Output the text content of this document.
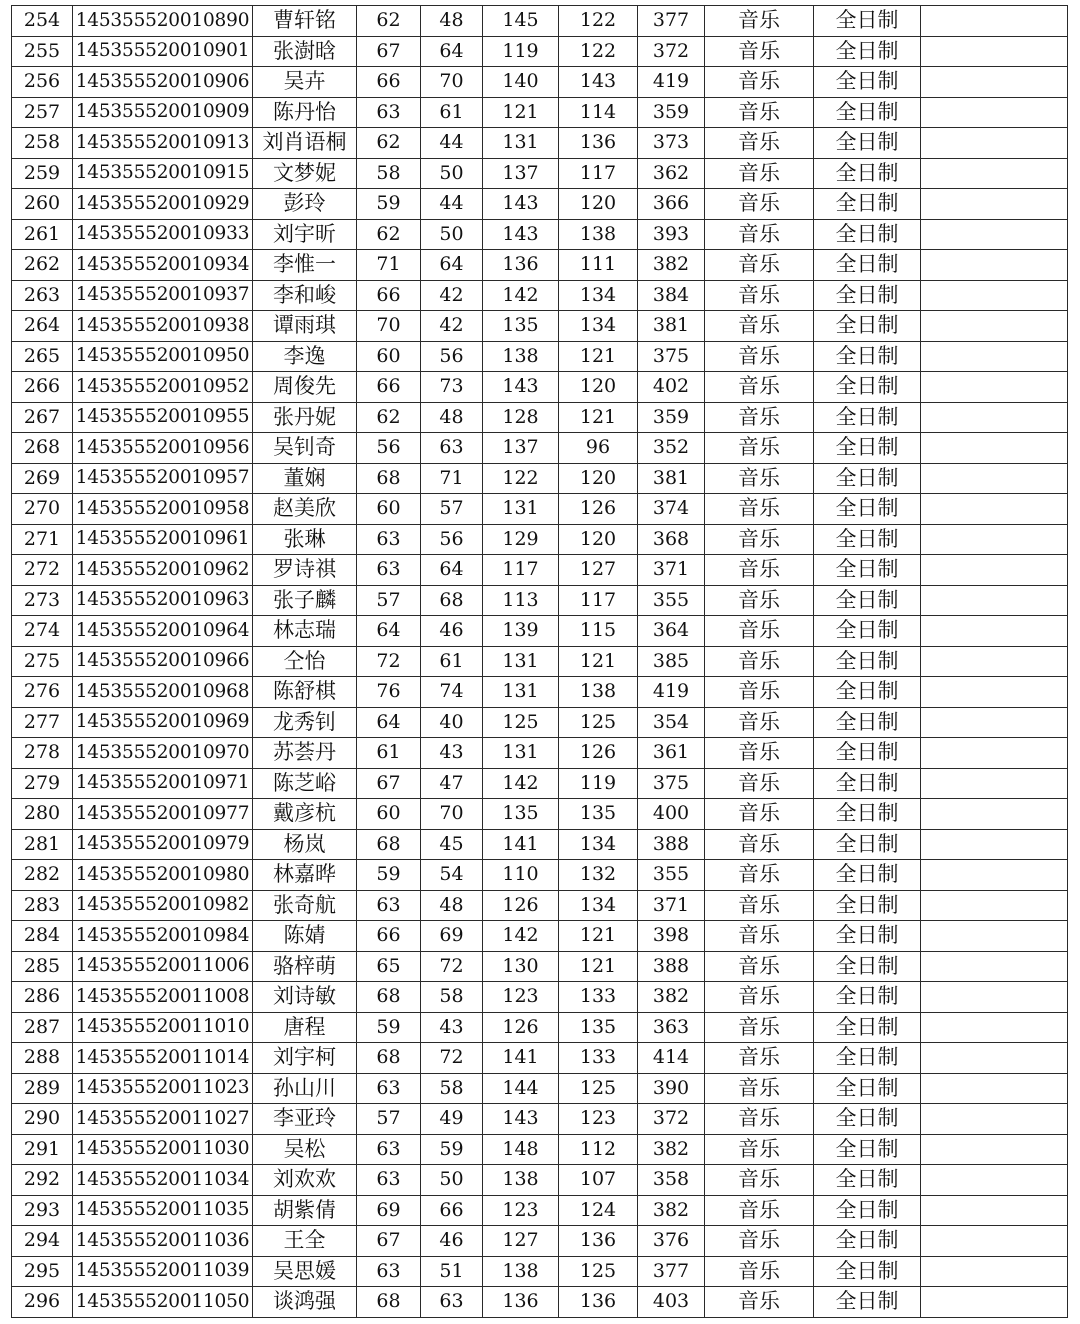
254	145355520010890	曹轩铭	62	48	145	122	377	音乐	全日制	
255	145355520010901	张澍晗	67	64	119	122	372	音乐	全日制	
256	145355520010906	吴卉	66	70	140	143	419	音乐	全日制	
257	145355520010909	陈丹怡	63	61	121	114	359	音乐	全日制	
258	145355520010913	刘肖语桐	62	44	131	136	373	音乐	全日制	
259	145355520010915	文梦妮	58	50	137	117	362	音乐	全日制	
260	145355520010929	彭玲	59	44	143	120	366	音乐	全日制	
261	145355520010933	刘宇昕	62	50	143	138	393	音乐	全日制	
262	145355520010934	李惟一	71	64	136	111	382	音乐	全日制	
263	145355520010937	李和峻	66	42	142	134	384	音乐	全日制	
264	145355520010938	谭雨琪	70	42	135	134	381	音乐	全日制	
265	145355520010950	李逸	60	56	138	121	375	音乐	全日制	
266	145355520010952	周俊先	66	73	143	120	402	音乐	全日制	
267	145355520010955	张丹妮	62	48	128	121	359	音乐	全日制	
268	145355520010956	吴钊奇	56	63	137	96	352	音乐	全日制	
269	145355520010957	董娴	68	71	122	120	381	音乐	全日制	
270	145355520010958	赵美欣	60	57	131	126	374	音乐	全日制	
271	145355520010961	张琳	63	56	129	120	368	音乐	全日制	
272	145355520010962	罗诗祺	63	64	117	127	371	音乐	全日制	
273	145355520010963	张子麟	57	68	113	117	355	音乐	全日制	
274	145355520010964	林志瑞	64	46	139	115	364	音乐	全日制	
275	145355520010966	仝怡	72	61	131	121	385	音乐	全日制	
276	145355520010968	陈舒棋	76	74	131	138	419	音乐	全日制	
277	145355520010969	龙秀钊	64	40	125	125	354	音乐	全日制	
278	145355520010970	苏荟丹	61	43	131	126	361	音乐	全日制	
279	145355520010971	陈芝峪	67	47	142	119	375	音乐	全日制	
280	145355520010977	戴彦杭	60	70	135	135	400	音乐	全日制	
281	145355520010979	杨岚	68	45	141	134	388	音乐	全日制	
282	145355520010980	林嘉晔	59	54	110	132	355	音乐	全日制	
283	145355520010982	张奇航	63	48	126	134	371	音乐	全日制	
284	145355520010984	陈婧	66	69	142	121	398	音乐	全日制	
285	145355520011006	骆梓萌	65	72	130	121	388	音乐	全日制	
286	145355520011008	刘诗敏	68	58	123	133	382	音乐	全日制	
287	145355520011010	唐程	59	43	126	135	363	音乐	全日制	
288	145355520011014	刘宇柯	68	72	141	133	414	音乐	全日制	
289	145355520011023	孙山川	63	58	144	125	390	音乐	全日制	
290	145355520011027	李亚玲	57	49	143	123	372	音乐	全日制	
291	145355520011030	吴松	63	59	148	112	382	音乐	全日制	
292	145355520011034	刘欢欢	63	50	138	107	358	音乐	全日制	
293	145355520011035	胡紫倩	69	66	123	124	382	音乐	全日制	
294	145355520011036	王全	67	46	127	136	376	音乐	全日制	
295	145355520011039	吴思媛	63	51	138	125	377	音乐	全日制	
296	145355520011050	谈鸿强	68	63	136	136	403	音乐	全日制	
